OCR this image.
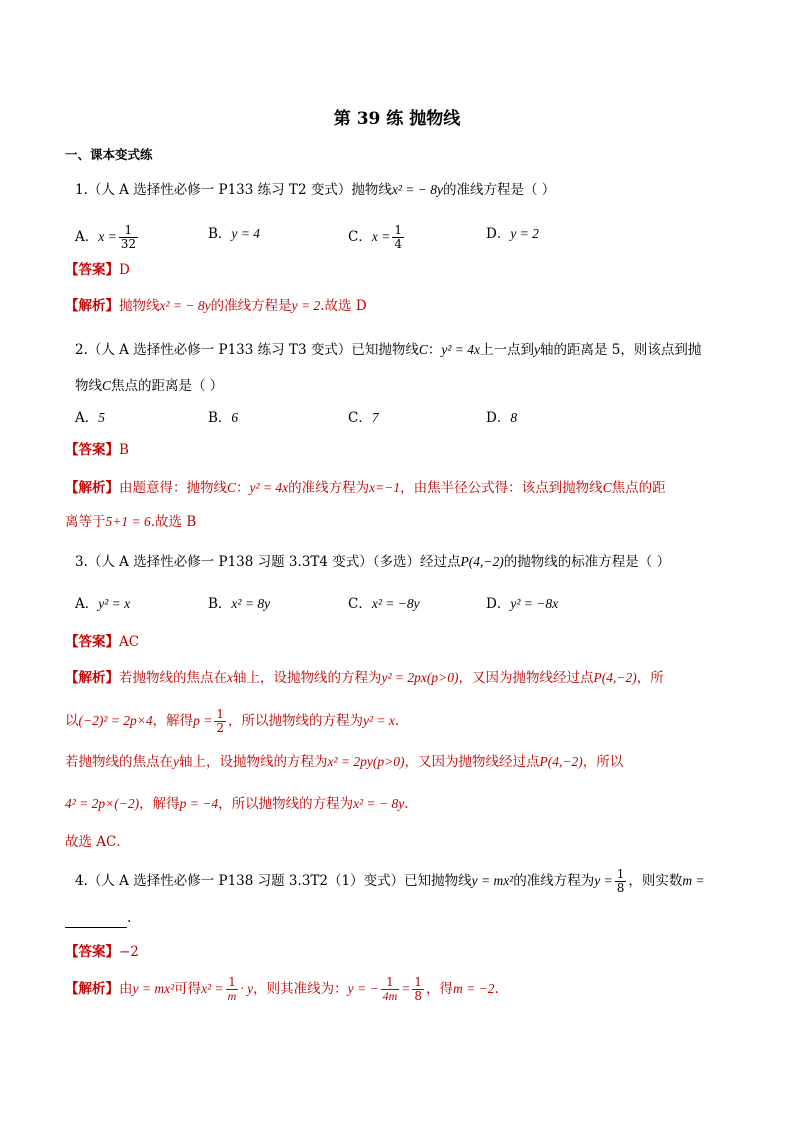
第 39 练 抛物线
一、课本变式练
1.（人 A 选择性必修一 P133 练习 T2 变式）抛物线x² = − 8y的准线方程是（ ）
A．$x = \frac{1}{32}$	B．y = 4	C．$x = \frac{1}{4}$	D．y = 2
【答案】D
【解析】抛物线x² = − 8y的准线方程是y = 2.故选 D
2.（人 A 选择性必修一 P133 练习 T3 变式）已知抛物线C：y² = 4x上一点到y轴的距离是 5，则该点到抛
物线C焦点的距离是（ ）
A．5	B．6	C．7	D．8
【答案】B
【解析】由题意得：抛物线C：y² = 4x的准线方程为x=−1，由焦半径公式得：该点到抛物线C焦点的距
离等于5+1 = 6.故选 B
3.（人 A 选择性必修一 P138 习题 3.3T4 变式）（多选）经过点P(4,−2)的抛物线的标准方程是（ ）
A．y² = x	B．x² = 8y	C．x² = −8y	D．y² = −8x
【答案】AC
【解析】若抛物线的焦点在x轴上，设抛物线的方程为y² = 2px(p>0)，又因为抛物线经过点P(4,−2)，所
以(−2)² = 2p×4，解得$p = \frac{1}{2}$ ，所以抛物线的方程为y² = x.
若抛物线的焦点在y轴上，设抛物线的方程为x² = 2py(p>0)，又因为抛物线经过点P(4,−2)，所以
4² = 2p×(−2)，解得p = −4，所以抛物线的方程为x² = − 8y.
故选 AC．
4.（人 A 选择性必修一 P138 习题 3.3T2（1）变式）已知抛物线y = mx²的准线方程为$y = \frac{1}{8}$ ，则实数m =
.
【答案】−2
【解析】由y = mx²可得$x^2 = \frac{1}{m} \cdot y$，则其准线为：y = − $\frac{1}{4m} = \frac{1}{8}$ ，得m = −2.
